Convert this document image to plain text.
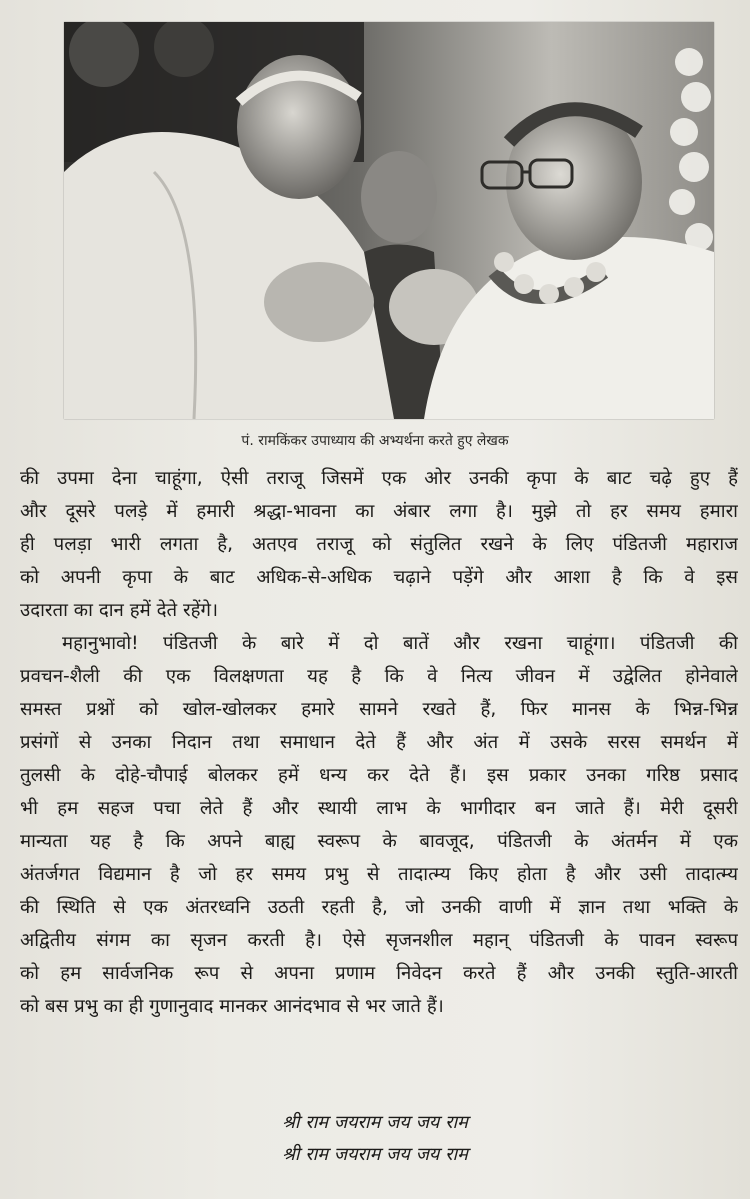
पं. रामकिंकर उपाध्याय की अभ्यर्थना करते हुए लेखक
की उपमा देना चाहूंगा, ऐसी तराजू जिसमें एक ओर उनकी कृपा के बाट चढ़े हुए हैं
और दूसरे पलड़े में हमारी श्रद्धा-भावना का अंबार लगा है। मुझे तो हर समय हमारा
ही पलड़ा भारी लगता है, अतएव तराजू को संतुलित रखने के लिए पंडितजी महाराज
को अपनी कृपा के बाट अधिक-से-अधिक चढ़ाने पड़ेंगे और आशा है कि वे इस
उदारता का दान हमें देते रहेंगे।
महानुभावो! पंडितजी के बारे में दो बातें और रखना चाहूंगा। पंडितजी की
प्रवचन-शैली की एक विलक्षणता यह है कि वे नित्य जीवन में उद्वेलित होनेवाले
समस्त प्रश्नों को खोल-खोलकर हमारे सामने रखते हैं, फिर मानस के भिन्न-भिन्न
प्रसंगों से उनका निदान तथा समाधान देते हैं और अंत में उसके सरस समर्थन में
तुलसी के दोहे-चौपाई बोलकर हमें धन्य कर देते हैं। इस प्रकार उनका गरिष्ठ प्रसाद
भी हम सहज पचा लेते हैं और स्थायी लाभ के भागीदार बन जाते हैं। मेरी दूसरी
मान्यता यह है कि अपने बाह्य स्वरूप के बावजूद, पंडितजी के अंतर्मन में एक
अंतर्जगत विद्यमान है जो हर समय प्रभु से तादात्म्य किए होता है और उसी तादात्म्य
की स्थिति से एक अंतरध्वनि उठती रहती है, जो उनकी वाणी में ज्ञान तथा भक्ति के
अद्वितीय संगम का सृजन करती है। ऐसे सृजनशील महान् पंडितजी के पावन स्वरूप
को हम सार्वजनिक रूप से अपना प्रणाम निवेदन करते हैं और उनकी स्तुति-आरती
को बस प्रभु का ही गुणानुवाद मानकर आनंदभाव से भर जाते हैं।
श्री राम जयराम जय जय राम
श्री राम जयराम जय जय राम
